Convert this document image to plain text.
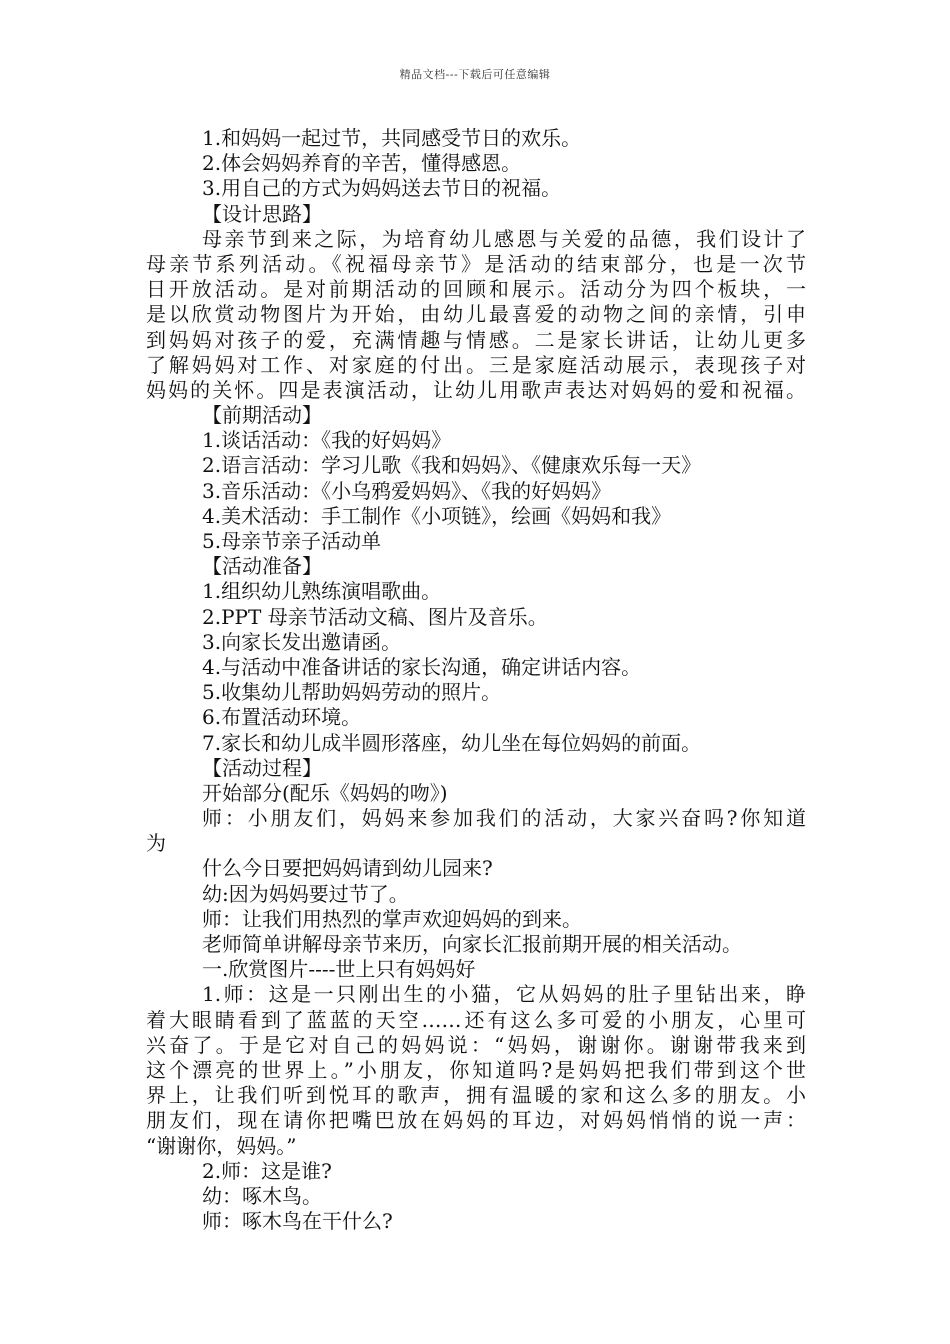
精品文档---下载后可任意编辑
1.和妈妈一起过节，共同感受节日的欢乐。
2.体会妈妈养育的辛苦，懂得感恩。
3.用自己的方式为妈妈送去节日的祝福。
【设计思路】
母亲节到来之际，为培育幼儿感恩与关爱的品德，我们设计了
母亲节系列活动。《祝福母亲节》是活动的结束部分，也是一次节
日开放活动。是对前期活动的回顾和展示。活动分为四个板块，一
是以欣赏动物图片为开始，由幼儿最喜爱的动物之间的亲情，引申
到妈妈对孩子的爱，充满情趣与情感。二是家长讲话，让幼儿更多
了解妈妈对工作、对家庭的付出。三是家庭活动展示，表现孩子对
妈妈的关怀。四是表演活动，让幼儿用歌声表达对妈妈的爱和祝福。
【前期活动】
1.谈话活动：《我的好妈妈》
2.语言活动：学习儿歌《我和妈妈》、《健康欢乐每一天》
3.音乐活动：《小乌鸦爱妈妈》、《我的好妈妈》
4.美术活动：手工制作《小项链》，绘画《妈妈和我》
5.母亲节亲子活动单
【活动准备】
1.组织幼儿熟练演唱歌曲。
2.PPT 母亲节活动文稿、图片及音乐。
3.向家长发出邀请函。
4.与活动中准备讲话的家长沟通，确定讲话内容。
5.收集幼儿帮助妈妈劳动的照片。
6.布置活动环境。
7.家长和幼儿成半圆形落座，幼儿坐在每位妈妈的前面。
【活动过程】
开始部分(配乐《妈妈的吻》)
师：小朋友们，妈妈来参加我们的活动，大家兴奋吗?你知道
为
什么今日要把妈妈请到幼儿园来?
幼:因为妈妈要过节了。
师：让我们用热烈的掌声欢迎妈妈的到来。
老师简单讲解母亲节来历，向家长汇报前期开展的相关活动。
一.欣赏图片----世上只有妈妈好
1.师：这是一只刚出生的小猫，它从妈妈的肚子里钻出来，睁
着大眼睛看到了蓝蓝的天空……还有这么多可爱的小朋友，心里可
兴奋了。于是它对自己的妈妈说：“妈妈，谢谢你。谢谢带我来到
这个漂亮的世界上。”小朋友，你知道吗?是妈妈把我们带到这个世
界上，让我们听到悦耳的歌声，拥有温暖的家和这么多的朋友。小
朋友们，现在请你把嘴巴放在妈妈的耳边，对妈妈悄悄的说一声：
“谢谢你，妈妈。”
2.师：这是谁?
幼：啄木鸟。
师：啄木鸟在干什么?
